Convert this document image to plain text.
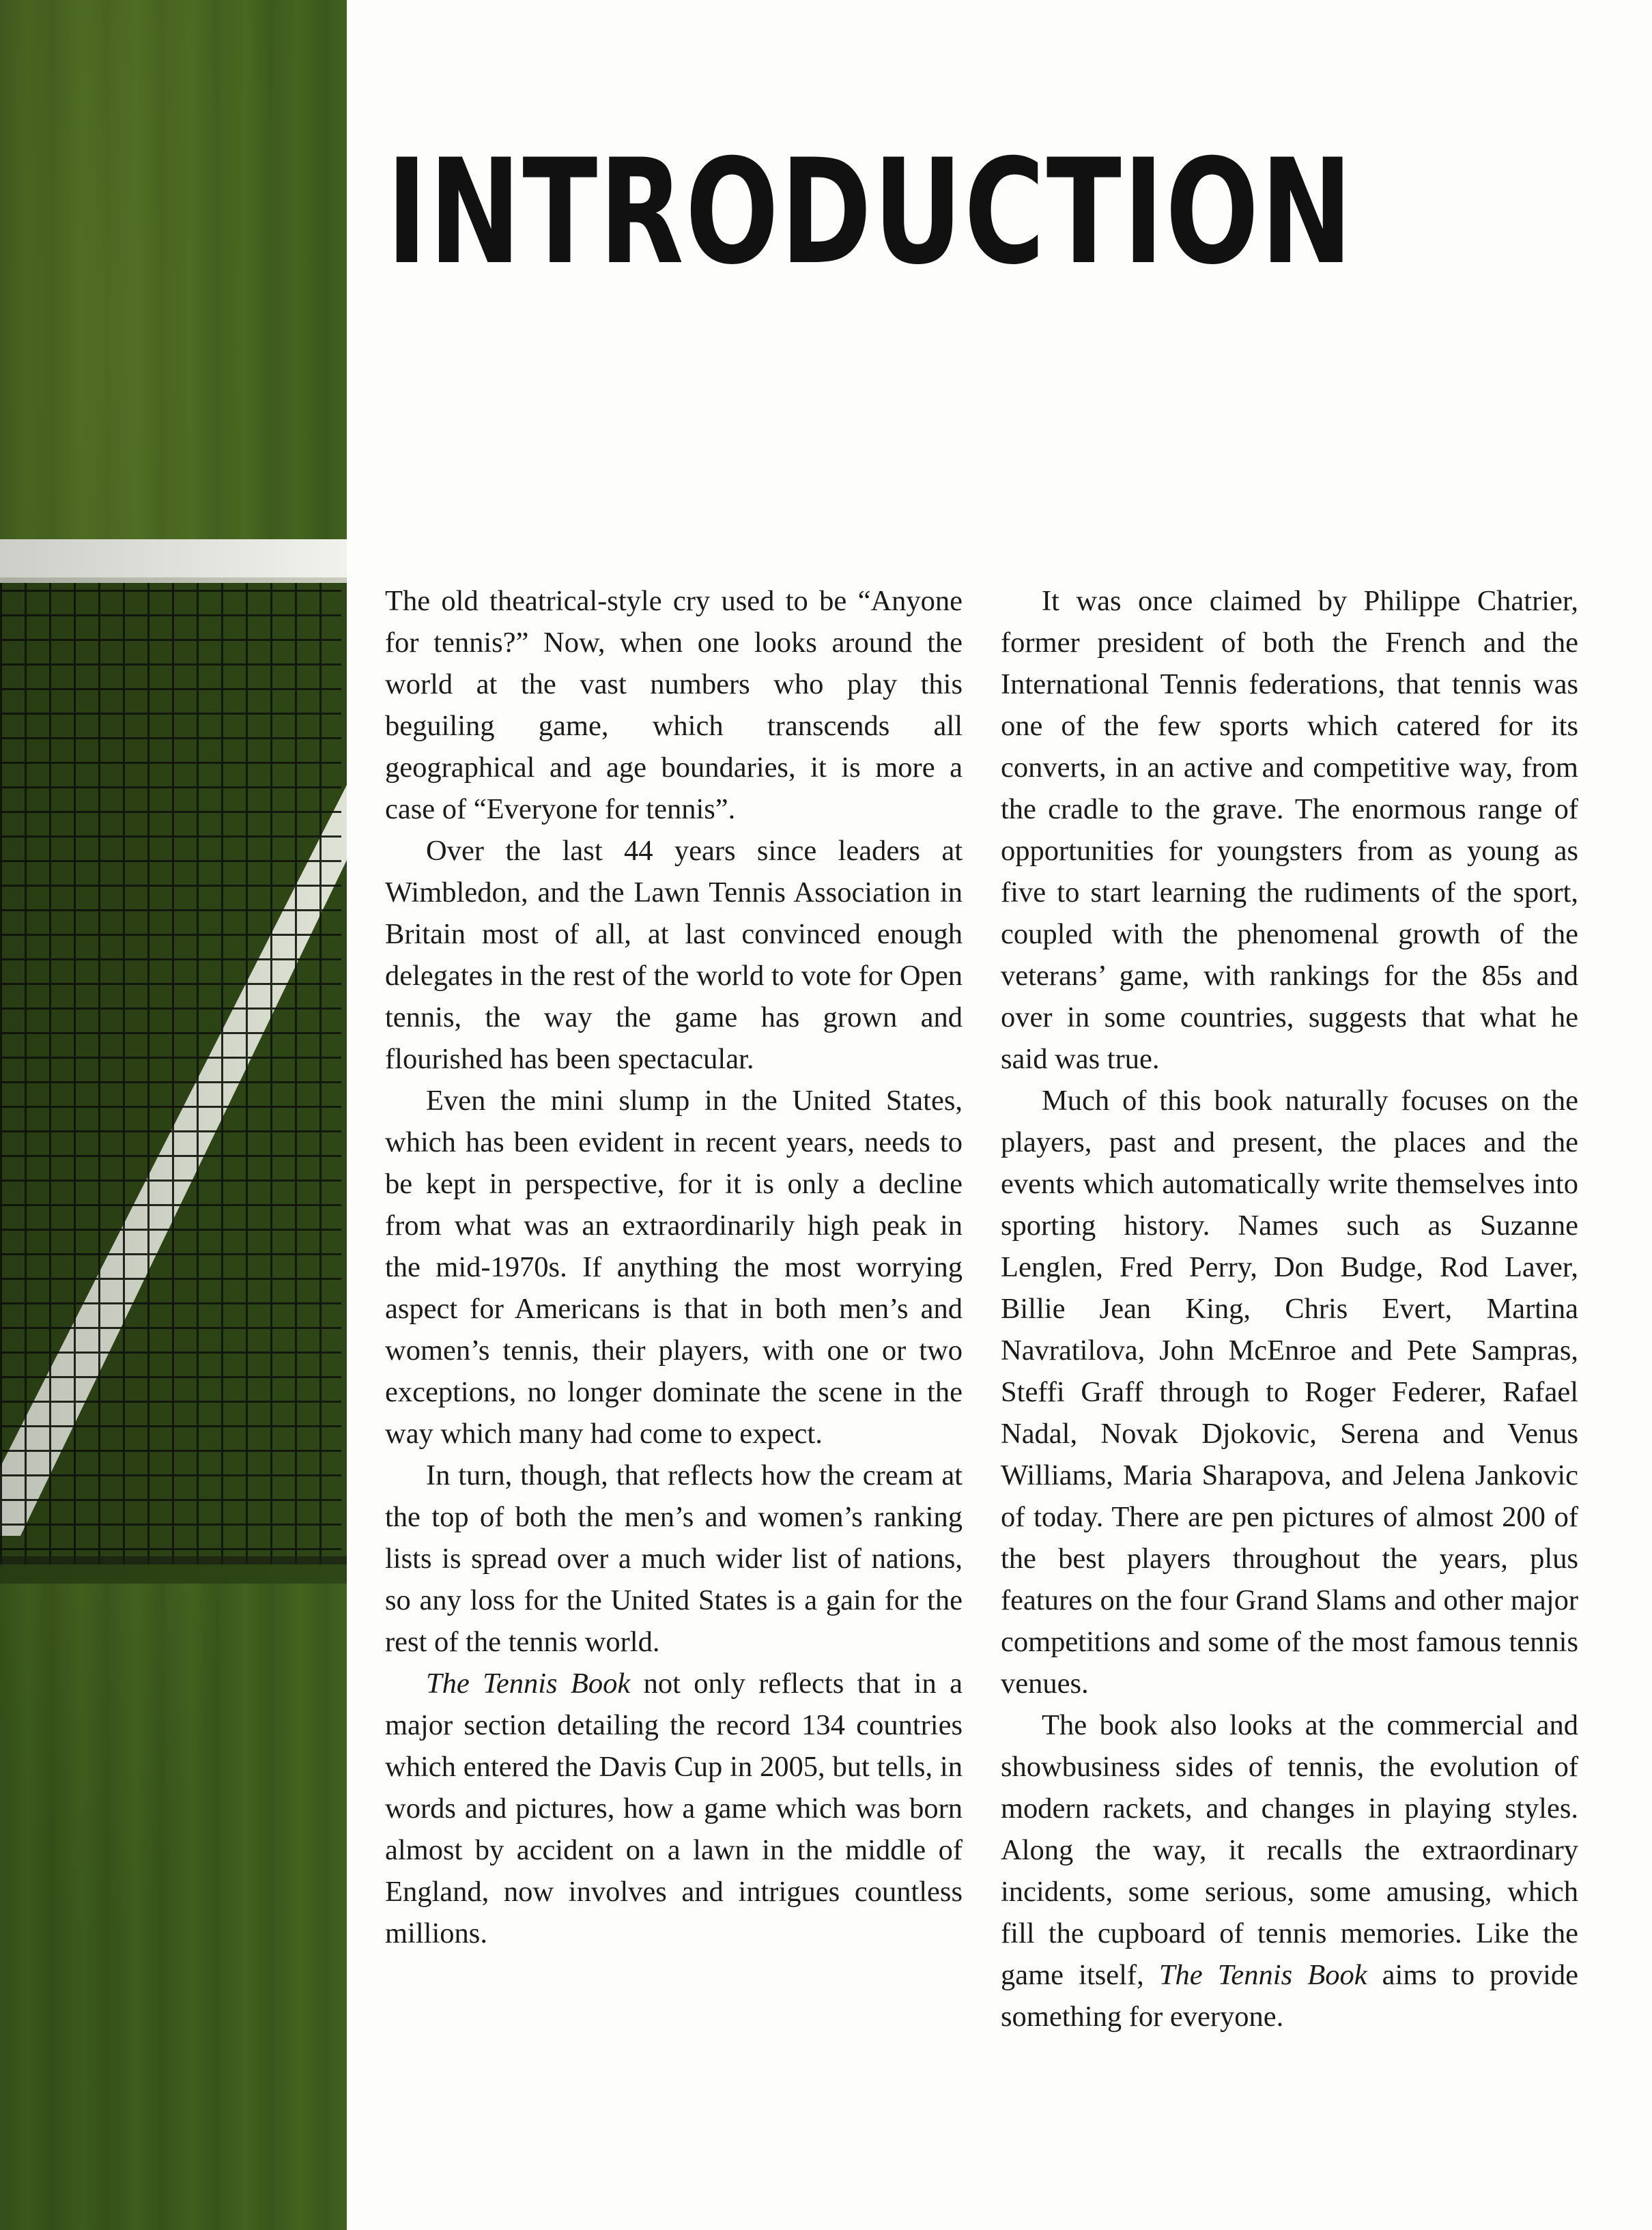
INTRODUCTION

The old theatrical-style cry used to be “Anyone for tennis?” Now, when one looks around the world at the vast numbers who play this beguiling game, which transcends all geographical and age boundaries, it is more a case of “Everyone for tennis”.

Over the last 44 years since leaders at Wimbledon, and the Lawn Tennis Association in Britain most of all, at last convinced enough delegates in the rest of the world to vote for Open tennis, the way the game has grown and flourished has been spectacular.

Even the mini slump in the United States, which has been evident in recent years, needs to be kept in perspective, for it is only a decline from what was an extraordinarily high peak in the mid-1970s. If anything the most worrying aspect for Americans is that in both men’s and women’s tennis, their players, with one or two exceptions, no longer dominate the scene in the way which many had come to expect.

In turn, though, that reflects how the cream at the top of both the men’s and women’s ranking lists is spread over a much wider list of nations, so any loss for the United States is a gain for the rest of the tennis world.

The Tennis Book not only reflects that in a major section detailing the record 134 countries which entered the Davis Cup in 2005, but tells, in words and pictures, how a game which was born almost by accident on a lawn in the middle of England, now involves and intrigues countless millions.

It was once claimed by Philippe Chatrier, former president of both the French and the International Tennis federations, that tennis was one of the few sports which catered for its converts, in an active and competitive way, from the cradle to the grave. The enormous range of opportunities for youngsters from as young as five to start learning the rudiments of the sport, coupled with the phenomenal growth of the veterans’ game, with rankings for the 85s and over in some countries, suggests that what he said was true.

Much of this book naturally focuses on the players, past and present, the places and the events which automatically write themselves into sporting history. Names such as Suzanne Lenglen, Fred Perry, Don Budge, Rod Laver, Billie Jean King, Chris Evert, Martina Navratilova, John McEnroe and Pete Sampras, Steffi Graff through to Roger Federer, Rafael Nadal, Novak Djokovic, Serena and Venus Williams, Maria Sharapova, and Jelena Jankovic of today. There are pen pictures of almost 200 of the best players throughout the years, plus features on the four Grand Slams and other major competitions and some of the most famous tennis venues.

The book also looks at the commercial and showbusiness sides of tennis, the evolution of modern rackets, and changes in playing styles. Along the way, it recalls the extraordinary incidents, some serious, some amusing, which fill the cupboard of tennis memories. Like the game itself, The Tennis Book aims to provide something for everyone.
